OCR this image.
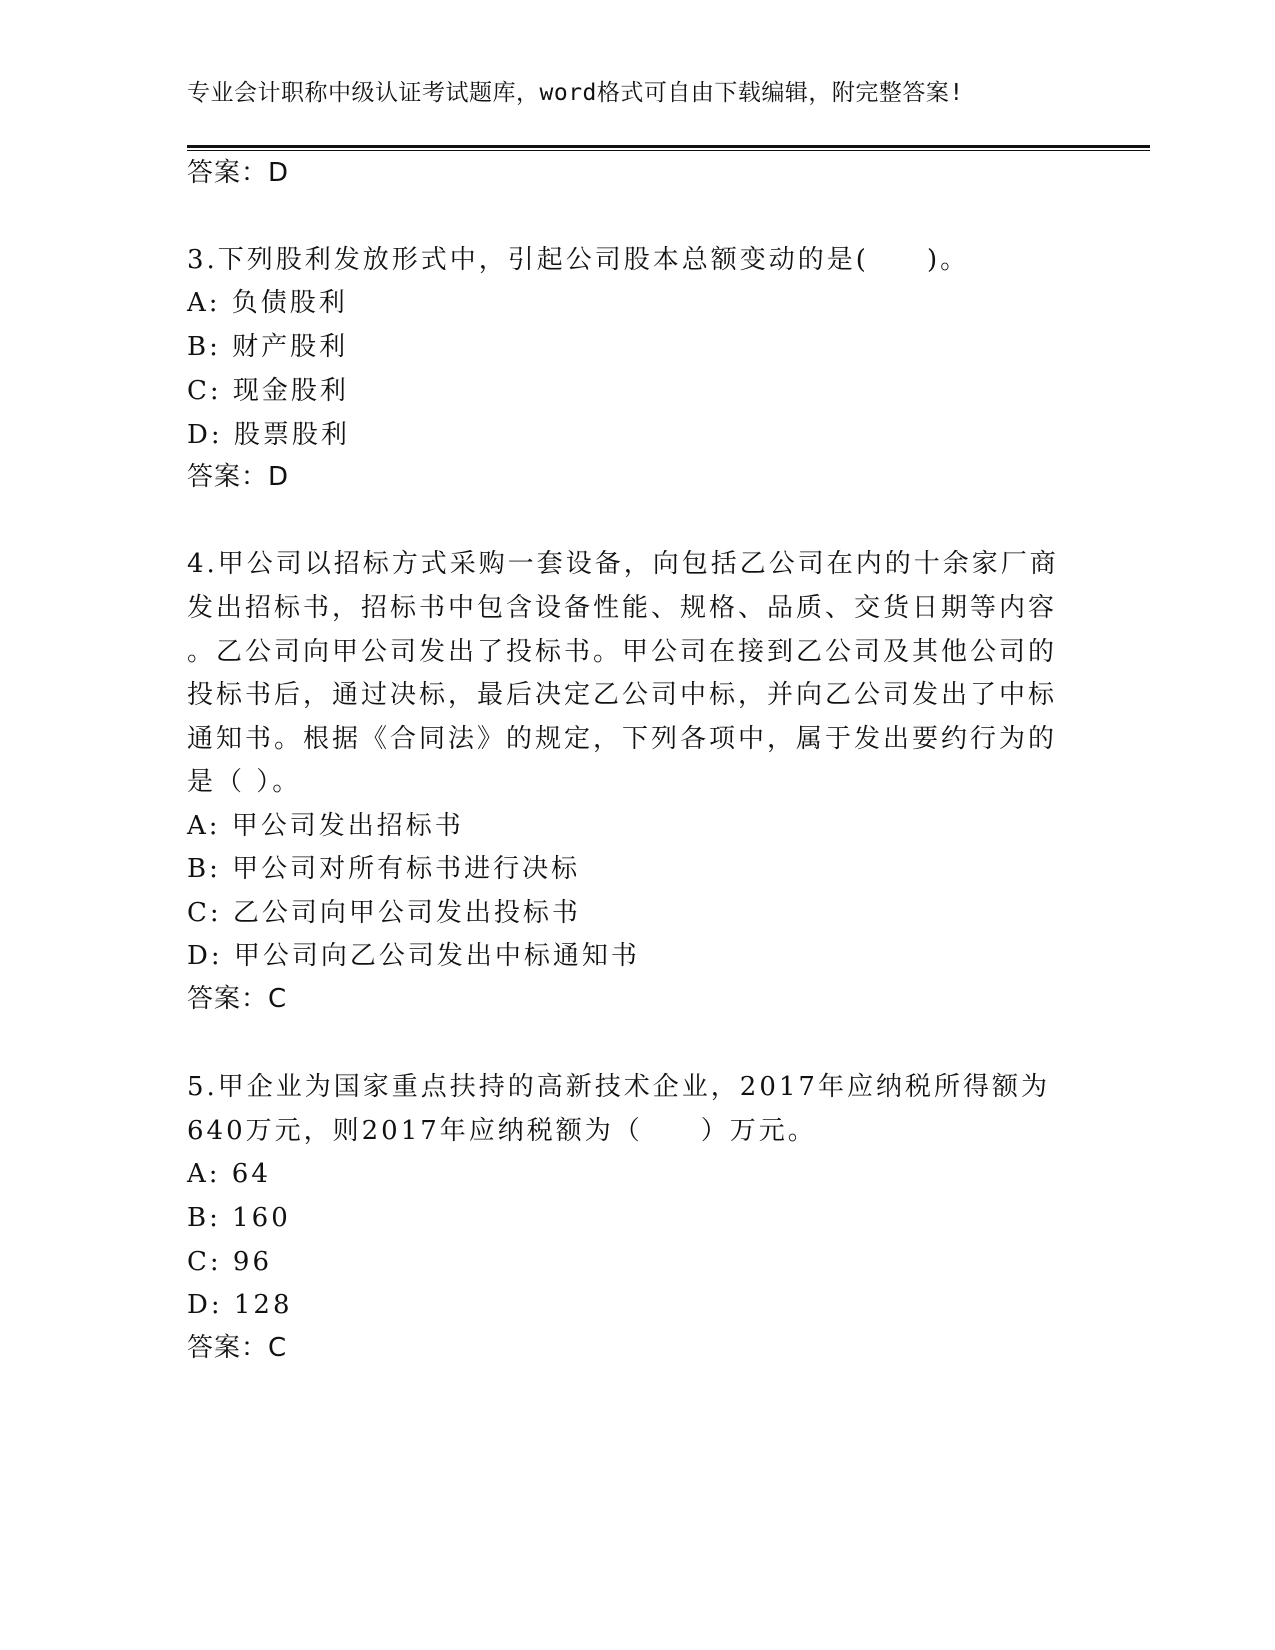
专业会计职称中级认证考试题库，word格式可自由下载编辑，附完整答案!
答案：D
3.下列股利发放形式中，引起公司股本总额变动的是(　　)。
A: 负债股利
B: 财产股利
C: 现金股利
D: 股票股利
答案：D
4.甲公司以招标方式采购一套设备，向包括乙公司在内的十余家厂商
发出招标书，招标书中包含设备性能、规格、品质、交货日期等内容
。乙公司向甲公司发出了投标书。甲公司在接到乙公司及其他公司的
投标书后，通过决标，最后决定乙公司中标，并向乙公司发出了中标
通知书。根据《合同法》的规定，下列各项中，属于发出要约行为的
是（ ）。
A: 甲公司发出招标书
B: 甲公司对所有标书进行决标
C: 乙公司向甲公司发出投标书
D: 甲公司向乙公司发出中标通知书
答案：C
5.甲企业为国家重点扶持的高新技术企业，2017年应纳税所得额为
640万元，则2017年应纳税额为（　　）万元。
A: 64
B: 160
C: 96
D: 128
答案：C
